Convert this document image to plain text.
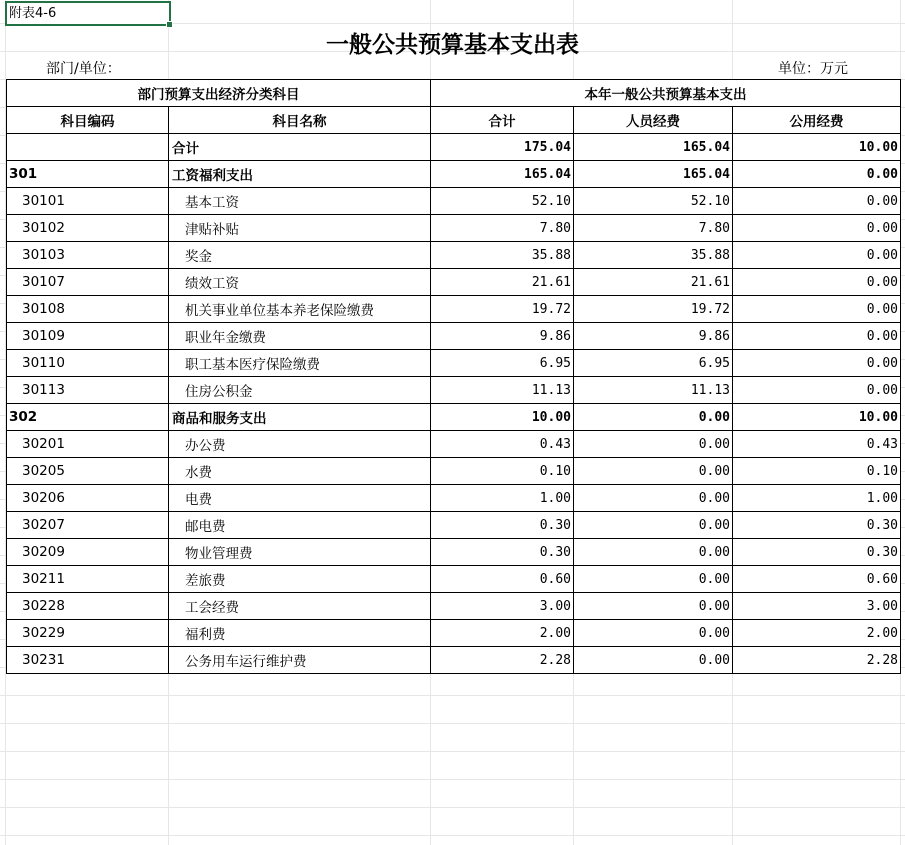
附表4-6
一般公共预算基本支出表
部门/单位：	单位：万元
部门预算支出经济分类科目		本年一般公共预算基本支出		
科目编码	科目名称	合计	人员经费	公用经费
	合计	175.04	165.04	10.00
301	工资福利支出	165.04	165.04	0.00
30101	基本工资	52.10	52.10	0.00
30102	津贴补贴	7.80	7.80	0.00
30103	奖金	35.88	35.88	0.00
30107	绩效工资	21.61	21.61	0.00
30108	机关事业单位基本养老保险缴费	19.72	19.72	0.00
30109	职业年金缴费	9.86	9.86	0.00
30110	职工基本医疗保险缴费	6.95	6.95	0.00
30113	住房公积金	11.13	11.13	0.00
302	商品和服务支出	10.00	0.00	10.00
30201	办公费	0.43	0.00	0.43
30205	水费	0.10	0.00	0.10
30206	电费	1.00	0.00	1.00
30207	邮电费	0.30	0.00	0.30
30209	物业管理费	0.30	0.00	0.30
30211	差旅费	0.60	0.00	0.60
30228	工会经费	3.00	0.00	3.00
30229	福利费	2.00	0.00	2.00
30231	公务用车运行维护费	2.28	0.00	2.28
